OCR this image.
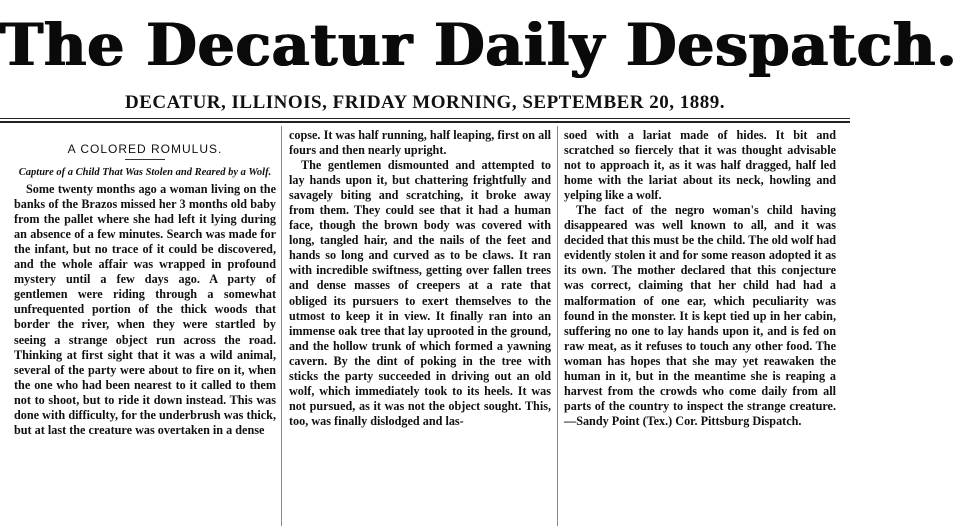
The Decatur Daily Despatch.
DECATUR, ILLINOIS, FRIDAY MORNING, SEPTEMBER 20, 1889.
A COLORED ROMULUS.
Capture of a Child That Was Stolen and Reared by a Wolf.

Some twenty months ago a woman living on the banks of the Brazos missed her 3 months old baby from the pallet where she had left it lying during an absence of a few minutes. Search was made for the infant, but no trace of it could be discovered, and the whole affair was wrapped in profound mystery until a few days ago. A party of gentlemen were riding through a somewhat unfrequented portion of the thick woods that border the river, when they were startled by seeing a strange object run across the road. Thinking at first sight that it was a wild animal, several of the party were about to fire on it, when the one who had been nearest to it called to them not to shoot, but to ride it down instead. This was done with difficulty, for the underbrush was thick, but at last the creature was overtaken in a dense

copse. It was half running, half leaping, first on all fours and then nearly upright.

The gentlemen dismounted and attempted to lay hands upon it, but chattering frightfully and savagely biting and scratching, it broke away from them. They could see that it had a human face, though the brown body was covered with long, tangled hair, and the nails of the feet and hands so long and curved as to be claws. It ran with incredible swiftness, getting over fallen trees and dense masses of creepers at a rate that obliged its pursuers to exert themselves to the utmost to keep it in view. It finally ran into an immense oak tree that lay uprooted in the ground, and the hollow trunk of which formed a yawning cavern. By the dint of poking in the tree with sticks the party succeeded in driving out an old wolf, which immediately took to its heels. It was not pursued, as it was not the object sought. This, too, was finally dislodged and las-

soed with a lariat made of hides. It bit and scratched so fiercely that it was thought advisable not to approach it, as it was half dragged, half led home with the lariat about its neck, howling and yelping like a wolf.

The fact of the negro woman's child having disappeared was well known to all, and it was decided that this must be the child. The old wolf had evidently stolen it and for some reason adopted it as its own. The mother declared that this conjecture was correct, claiming that her child had had a malformation of one ear, which peculiarity was found in the monster. It is kept tied up in her cabin, suffering no one to lay hands upon it, and is fed on raw meat, as it refuses to touch any other food. The woman has hopes that she may yet reawaken the human in it, but in the meantime she is reaping a harvest from the crowds who come daily from all parts of the country to inspect the strange creature.—Sandy Point (Tex.) Cor. Pittsburg Dispatch.
